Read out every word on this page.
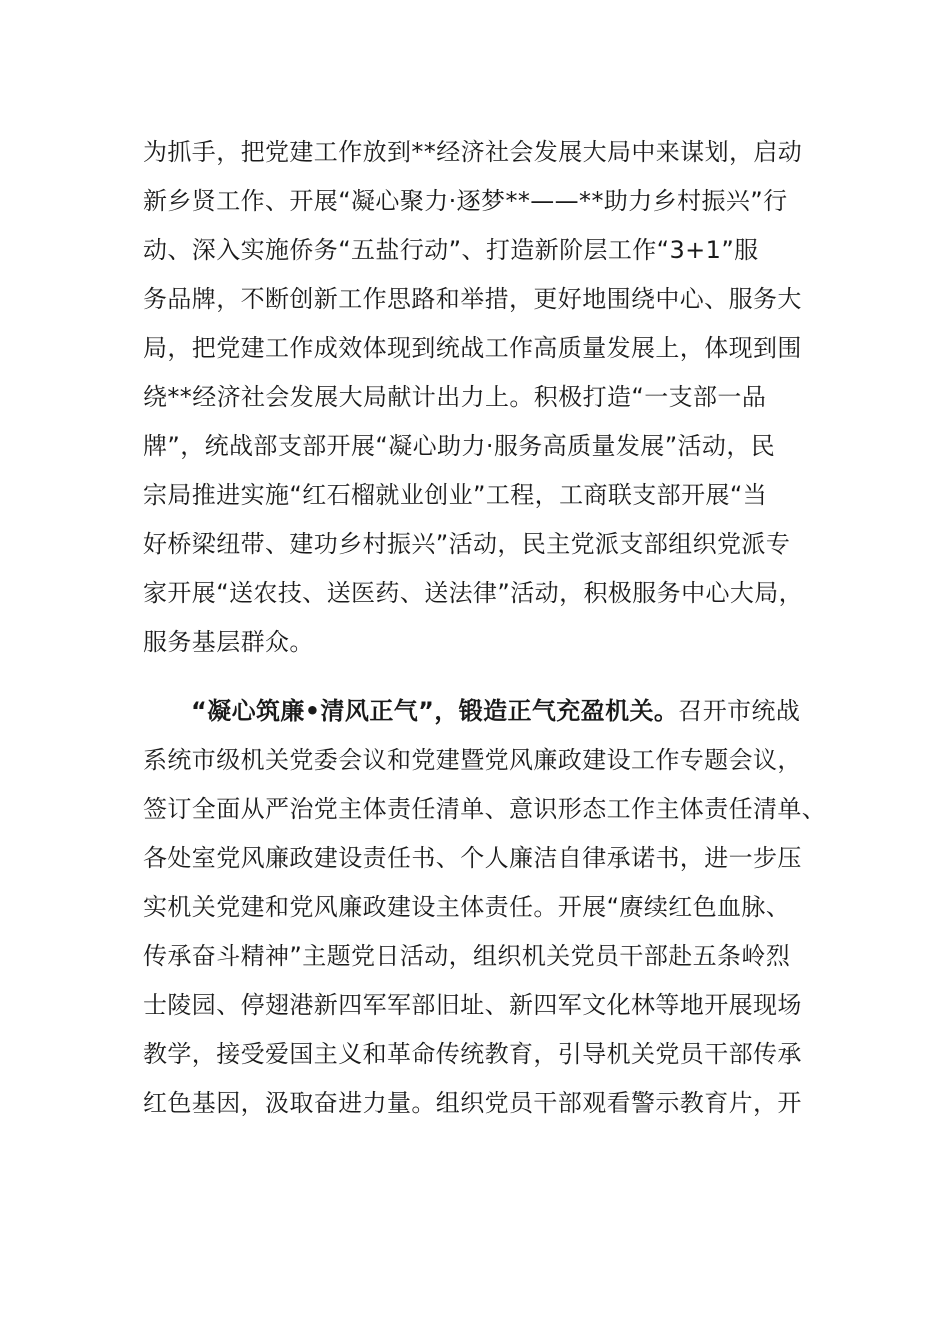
为抓手，把党建工作放到**经济社会发展大局中来谋划，启动
新乡贤工作、开展“凝心聚力·逐梦**——**助力乡村振兴”行
动、深入实施侨务“五盐行动”、打造新阶层工作“3+1”服
务品牌，不断创新工作思路和举措，更好地围绕中心、服务大
局，把党建工作成效体现到统战工作高质量发展上，体现到围
绕**经济社会发展大局献计出力上。积极打造“一支部一品
牌”，统战部支部开展“凝心助力·服务高质量发展”活动，民
宗局推进实施“红石榴就业创业”工程，工商联支部开展“当
好桥梁纽带、建功乡村振兴”活动，民主党派支部组织党派专
家开展“送农技、送医药、送法律”活动，积极服务中心大局，
服务基层群众。
“凝心筑廉•清风正气”，锻造正气充盈机关。召开市统战
系统市级机关党委会议和党建暨党风廉政建设工作专题会议，
签订全面从严治党主体责任清单、意识形态工作主体责任清单、
各处室党风廉政建设责任书、个人廉洁自律承诺书，进一步压
实机关党建和党风廉政建设主体责任。开展“赓续红色血脉、
传承奋斗精神”主题党日活动，组织机关党员干部赴五条岭烈
士陵园、停翅港新四军军部旧址、新四军文化林等地开展现场
教学，接受爱国主义和革命传统教育，引导机关党员干部传承
红色基因，汲取奋进力量。组织党员干部观看警示教育片，开
